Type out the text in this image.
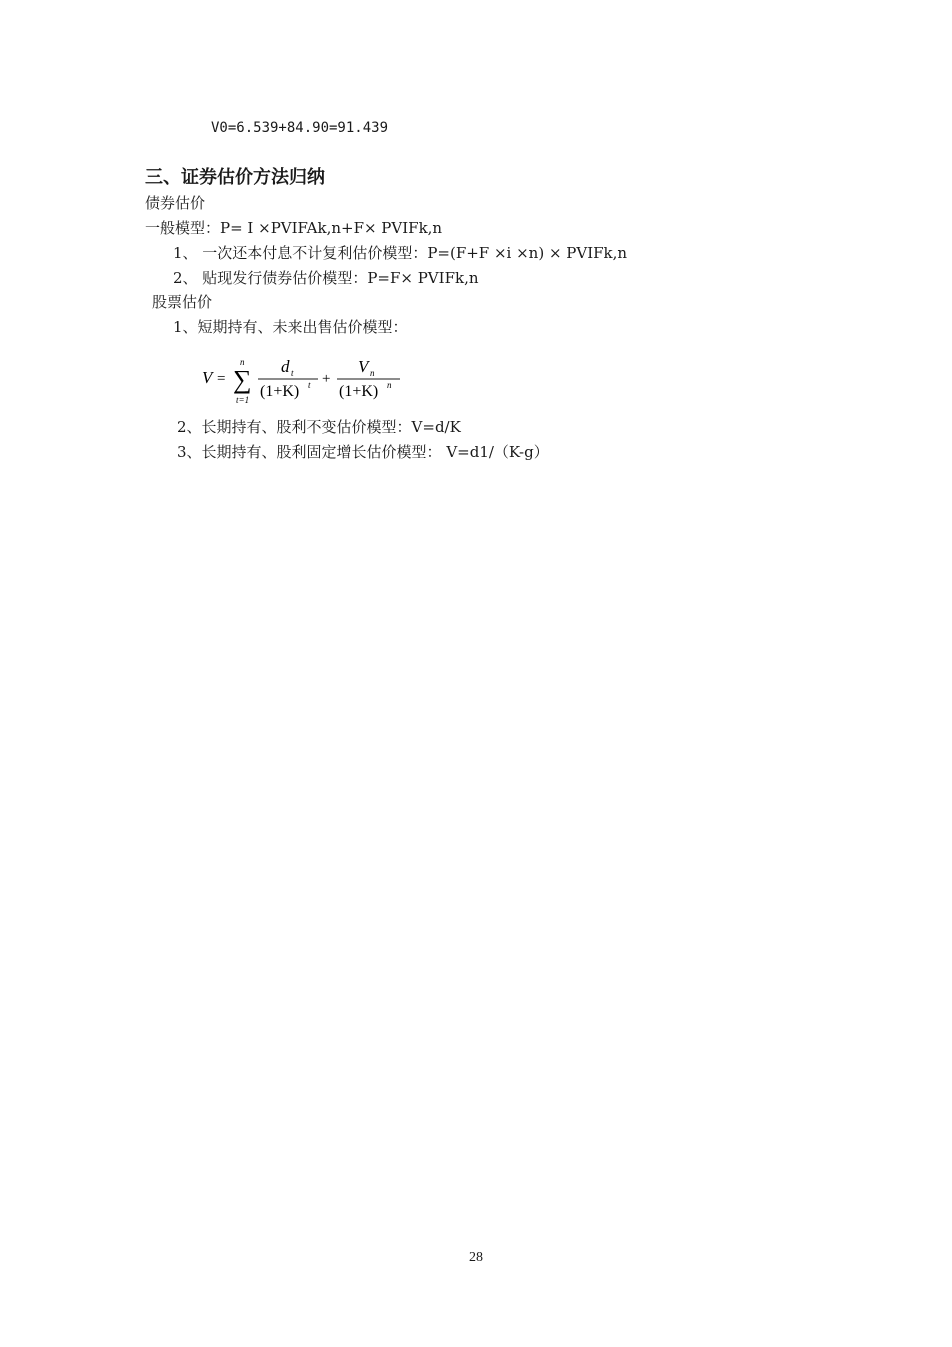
V0=6.539+84.90=91.439
三、证券估价方法归纳
债券估价
一般模型：P= I ×PVIFAk,n+F× PVIFk,n
1、 一次还本付息不计复利估价模型：P=(F+F ×i ×n) × PVIFk,n
2、 贴现发行债券估价模型：P=F× PVIFk,n
股票估价
1、短期持有、未来出售估价模型：
V = ∑
n
t=1
d t
(1+K) t +
V n
(1+K) n
2、长期持有、股利不变估价模型：V=d/K
3、长期持有、股利固定增长估价模型： V=d1/（K-g）
28
